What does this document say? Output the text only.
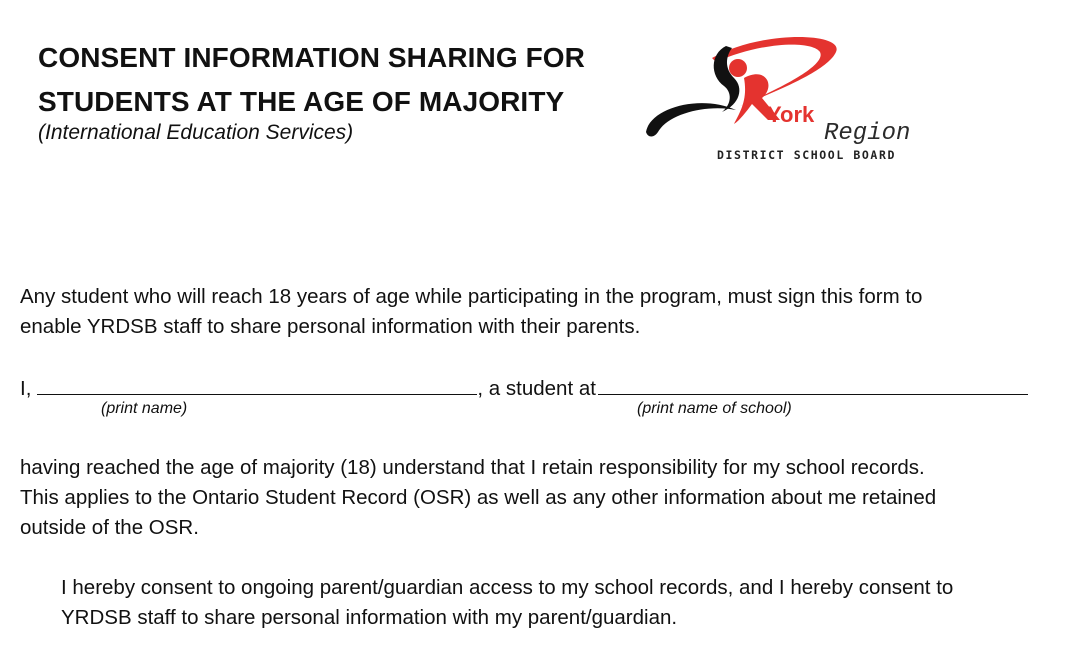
CONSENT INFORMATION SHARING FOR
STUDENTS AT THE AGE OF MAJORITY
(International Education Services)
York
Region
DISTRICT SCHOOL BOARD

Any student who will reach 18 years of age while participating in the program, must sign this form to
enable YRDSB staff to share personal information with their parents.

I,	, a student at
(print name)	(print name of school)

having reached the age of majority (18) understand that I retain responsibility for my school records.
This applies to the Ontario Student Record (OSR) as well as any other information about me retained
outside of the OSR.

I hereby consent to ongoing parent/guardian access to my school records, and I hereby consent to
YRDSB staff to share personal information with my parent/guardian.
